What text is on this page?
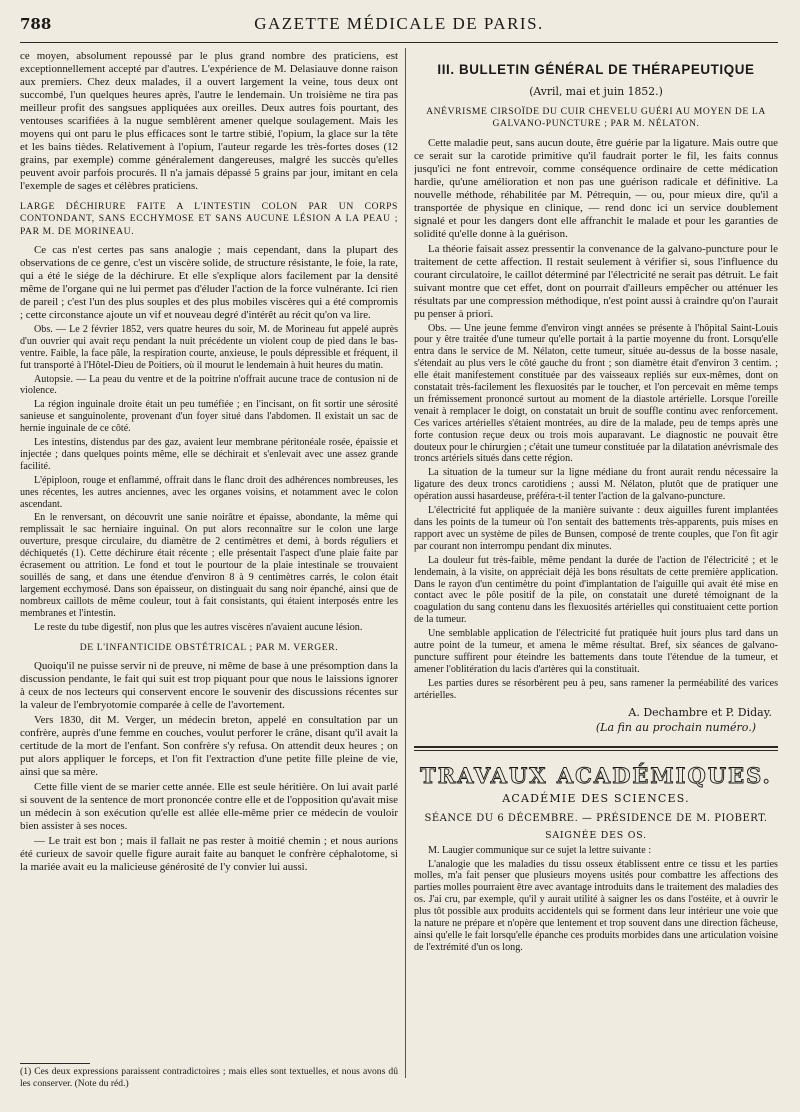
788	GAZETTE MÉDICALE DE PARIS.

ce moyen, absolument repoussé par le plus grand nombre des praticiens, est exceptionnellement accepté par d'autres. L'expérience de M. Delasiauve donne raison aux premiers. Chez deux malades, il a ouvert largement la veine, tous deux ont succombé, l'un quelques heures après, l'autre le lendemain. Un troisième ne tira pas meilleur profit des sangsues appliquées aux oreilles. Deux autres fois pourtant, des ventouses scarifiées à la nugue semblèrent amener quelque soulagement. Mais les moyens qui ont paru le plus efficaces sont le tartre stibié, l'opium, la glace sur la tête et les bains tièdes. Relativement à l'opium, l'auteur regarde les très-fortes doses (12 grains, par exemple) comme généralement dangereuses, malgré les succès qu'elles peuvent avoir parfois procurés. Il n'a jamais dépassé 5 grains par jour, imitant en cela l'exemple de sages et célèbres praticiens.

LARGE DÉCHIRURE FAITE A L'INTESTIN COLON PAR UN CORPS CONTONDANT, SANS ECCHYMOSE ET SANS AUCUNE LÉSION A LA PEAU ; PAR M. DE MORINEAU.

Ce cas n'est certes pas sans analogie ; mais cependant, dans la plupart des observations de ce genre, c'est un viscère solide, de structure résistante, le foie, la rate, qui a été le siége de la déchirure. Et elle s'explique alors facilement par la densité même de l'organe qui ne lui permet pas d'éluder l'action de la force vulnérante. Ici rien de pareil ; c'est l'un des plus souples et des plus mobiles viscères qui a été compromis ; cette circonstance ajoute un vif et nouveau degré d'intérêt au récit qu'on va lire.

Obs. — Le 2 février 1852, vers quatre heures du soir, M. de Morineau fut appelé auprès d'un ouvrier qui avait reçu pendant la nuit précédente un violent coup de pied dans le bas-ventre. Faible, la face pâle, la respiration courte, anxieuse, le pouls dépressible et fréquent, il fut transporté à l'Hôtel-Dieu de Poitiers, où il mourut le lendemain à huit heures du matin.

Autopsie. — La peau du ventre et de la poitrine n'offrait aucune trace de contusion ni de violence.

La région inguinale droite était un peu tuméfiée ; en l'incisant, on fit sortir une sérosité sanieuse et sanguinolente, provenant d'un foyer situé dans l'abdomen. Il existait un sac de hernie inguinale de ce côté.

Les intestins, distendus par des gaz, avaient leur membrane péritonéale rosée, épaissie et injectée ; dans quelques points même, elle se déchirait et s'enlevait avec une assez grande facilité.

L'épiploon, rouge et enflammé, offrait dans le flanc droit des adhérences nombreuses, les unes récentes, les autres anciennes, avec les organes voisins, et notamment avec le colon ascendant.

En le renversant, on découvrit une sanie noirâtre et épaisse, abondante, la même qui remplissait le sac herniaire inguinal. On put alors reconnaître sur le colon une large ouverture, presque circulaire, du diamètre de 2 centimètres et demi, à bords réguliers et déchiquetés (1). Cette déchirure était récente ; elle présentait l'aspect d'une plaie faite par écrasement ou attrition. Le fond et tout le pourtour de la plaie intestinale se trouvaient souillés de sang, et dans une étendue d'environ 8 à 9 centimètres carrés, le colon était largement ecchymosé. Dans son épaisseur, on distinguait du sang noir épanché, ainsi que de nombreux caillots de même couleur, tout à fait consistants, qui étaient interposés entre les membranes et l'intestin.

Le reste du tube digestif, non plus que les autres viscères n'avaient aucune lésion.

DE L'INFANTICIDE OBSTÉTRICAL ; PAR M. VERGER.

Quoiqu'il ne puisse servir ni de preuve, ni même de base à une présomption dans la discussion pendante, le fait qui suit est trop piquant pour que nous le laissions ignorer à ceux de nos lecteurs qui conservent encore le souvenir des discussions récentes sur la valeur de l'embryotomie comparée à celle de l'avortement.

Vers 1830, dit M. Verger, un médecin breton, appelé en consultation par un confrère, auprès d'une femme en couches, voulut perforer le crâne, disant qu'il avait la certitude de la mort de l'enfant. Son confrère s'y refusa. On attendit deux heures ; on put alors appliquer le forceps, et l'on fit l'extraction d'une petite fille pleine de vie, ainsi que sa mère.

Cette fille vient de se marier cette année. Elle est seule héritière. On lui avait parlé si souvent de la sentence de mort prononcée contre elle et de l'opposition qu'avait mise un médecin à son exécution qu'elle est allée elle-même prier ce médecin de vouloir bien assister à ses noces.

— Le trait est bon ; mais il fallait ne pas rester à moitié chemin ; et nous aurions été curieux de savoir quelle figure aurait faite au banquet le confrère céphalotome, si la mariée avait eu la malicieuse générosité de l'y convier lui aussi.

III. BULLETIN GÉNÉRAL DE THÉRAPEUTIQUE
(Avril, mai et juin 1852.)
ANÉVRISME CIRSOÏDE DU CUIR CHEVELU GUÉRI AU MOYEN DE LA GALVANO-PUNCTURE ; PAR M. NÉLATON.

Cette maladie peut, sans aucun doute, être guérie par la ligature. Mais outre que ce serait sur la carotide primitive qu'il faudrait porter le fil, les faits connus jusqu'ici ne font entrevoir, comme conséquence ordinaire de cette médication hardie, qu'une amélioration et non pas une guérison radicale et définitive. La nouvelle méthode, réhabilitée par M. Pétrequin, — ou, pour mieux dire, qu'il a transportée de physique en clinique, — rend donc ici un service doublement signalé et pour les dangers dont elle affranchit le malade et pour les garanties de solidité qu'elle donne à la guérison.

La théorie faisait assez pressentir la convenance de la galvano-puncture pour le traitement de cette affection. Il restait seulement à vérifier si, sous l'influence du courant circulatoire, le caillot déterminé par l'électricité ne serait pas détruit. Le fait suivant montre que cet effet, dont on pourrait d'ailleurs empêcher ou atténuer les résultats par une compression méthodique, n'est point aussi à craindre qu'on l'aurait pu penser à priori.

Obs. — Une jeune femme d'environ vingt années se présente à l'hôpital Saint-Louis pour y être traitée d'une tumeur qu'elle portait à la partie moyenne du front. Lorsqu'elle entra dans le service de M. Nélaton, cette tumeur, située au-dessus de la bosse nasale, s'étendait au plus vers le côté gauche du front ; son diamètre était d'environ 3 centim. ; elle était manifestement constituée par des vaisseaux repliés sur eux-mêmes, dont on constatait très-facilement les flexuosités par le toucher, et l'on percevait en même temps un frémissement prononcé surtout au moment de la diastole artérielle. Lorsque l'oreille venait à remplacer le doigt, on constatait un bruit de souffle continu avec renforcement. Ces varices artérielles s'étaient montrées, au dire de la malade, peu de temps après une forte contusion reçue deux ou trois mois auparavant. Le diagnostic ne pouvait être douteux pour le chirurgien ; c'était une tumeur constituée par la dilatation anévrismale des troncs artériels situés dans cette région.

La situation de la tumeur sur la ligne médiane du front aurait rendu nécessaire la ligature des deux troncs carotidiens ; aussi M. Nélaton, plutôt que de pratiquer une opération aussi hasardeuse, préféra-t-il tenter l'action de la galvano-puncture.

L'électricité fut appliquée de la manière suivante : deux aiguilles furent implantées dans les points de la tumeur où l'on sentait des battements très-apparents, puis mises en rapport avec un système de piles de Bunsen, composé de trente couples, que l'on fit agir par courant non interrompu pendant dix minutes.

La douleur fut très-faible, même pendant la durée de l'action de l'électricité ; et le lendemain, à la visite, on appréciait déjà les bons résultats de cette première application. Dans le rayon d'un centimètre du point d'implantation de l'aiguille qui avait été mise en contact avec le pôle positif de la pile, on constatait une dureté témoignant de la coagulation du sang contenu dans les flexuosités artérielles qui constituaient cette portion de la tumeur.

Une semblable application de l'électricité fut pratiquée huit jours plus tard dans un autre point de la tumeur, et amena le même résultat. Bref, six séances de galvano-puncture suffirent pour éteindre les battements dans toute l'étendue de la tumeur, et amener l'oblitération du lacis d'artères qui la constituait.

Les parties dures se résorbèrent peu à peu, sans ramener la perméabilité des varices artérielles.

A. Dechambre et P. Diday.
(La fin au prochain numéro.)
TRAVAUX ACADÉMIQUES.
ACADÉMIE DES SCIENCES.
SÉANCE DU 6 DÉCEMBRE. — PRÉSIDENCE DE M. PIOBERT.
SAIGNÉE DES OS.

M. Laugier communique sur ce sujet la lettre suivante :

L'analogie que les maladies du tissu osseux établissent entre ce tissu et les parties molles, m'a fait penser que plusieurs moyens usités pour combattre les affections des parties molles pourraient être avec avantage introduits dans le traitement des maladies des os. J'ai cru, par exemple, qu'il y aurait utilité à saigner les os dans l'ostéite, et à ouvrir le plus tôt possible aux produits accidentels qui se forment dans leur intérieur une voie que la nature ne prépare et n'opère que lentement et trop souvent dans une direction fâcheuse, ainsi qu'elle le fait lorsqu'elle épanche ces produits morbides dans une articulation voisine de l'extrémité d'un os long.

(1) Ces deux expressions paraissent contradictoires ; mais elles sont textuelles, et nous avons dû les conserver. (Note du réd.)
